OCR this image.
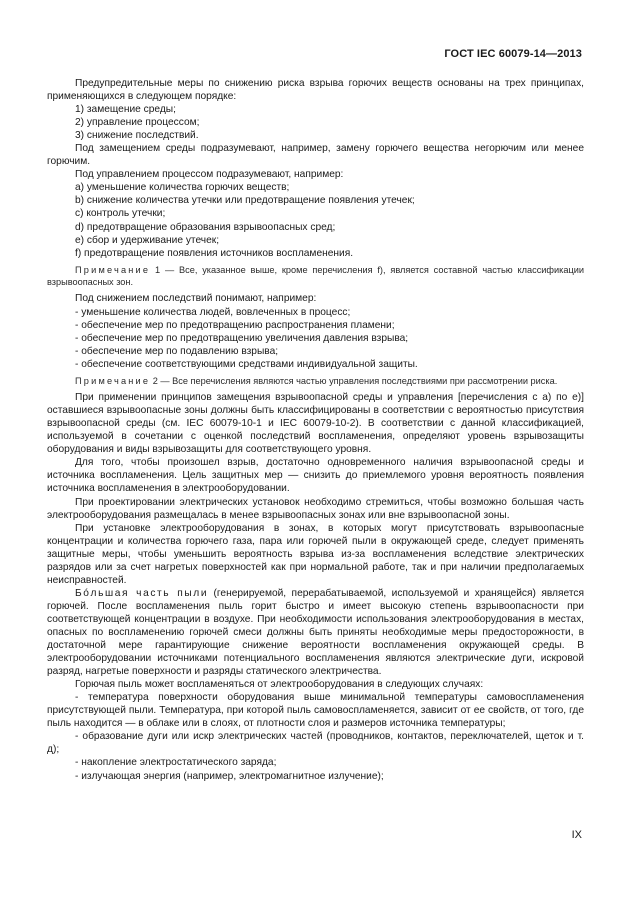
ГОСТ IEC 60079-14—2013

Предупредительные меры по снижению риска взрыва горючих веществ основаны на трех принципах, применяющихся в следующем порядке:

1) замещение среды;
2) управление процессом;
3) снижение последствий.

Под замещением среды подразумевают, например, замену горючего вещества негорючим или менее горючим.

Под управлением процессом подразумевают, например:

a) уменьшение количества горючих веществ;
b) снижение количества утечки или предотвращение появления утечек;
c) контроль утечки;
d) предотвращение образования взрывоопасных сред;
e) сбор и удерживание утечек;
f) предотвращение появления источников воспламенения.

Примечание 1 — Все, указанное выше, кроме перечисления f), является составной частью классификации взрывоопасных зон.

Под снижением последствий понимают, например:

- уменьшение количества людей, вовлеченных в процесс;
- обеспечение мер по предотвращению распространения пламени;
- обеспечение мер по предотвращению увеличения давления взрыва;
- обеспечение мер по подавлению взрыва;
- обеспечение соответствующими средствами индивидуальной защиты.

Примечание 2 — Все перечисления являются частью управления последствиями при рассмотрении риска.

При применении принципов замещения взрывоопасной среды и управления [перечисления с а) по е)] оставшиеся взрывоопасные зоны должны быть классифицированы в соответствии с вероятностью присутствия взрывоопасной среды (см. IEC 60079-10-1 и IEC 60079-10-2). В соответствии с данной классификацией, используемой в сочетании с оценкой последствий воспламенения, определяют уровень взрывозащиты оборудования и виды взрывозащиты для соответствующего уровня.

Для того, чтобы произошел взрыв, достаточно одновременного наличия взрывоопасной среды и источника воспламенения. Цель защитных мер — снизить до приемлемого уровня вероятность появления источника воспламенения в электрооборудовании.

При проектировании электрических установок необходимо стремиться, чтобы возможно большая часть электрооборудования размещалась в менее взрывоопасных зонах или вне взрывоопасной зоны.

При установке электрооборудования в зонах, в которых могут присутствовать взрывоопасные концентрации и количества горючего газа, пара или горючей пыли в окружающей среде, следует применять защитные меры, чтобы уменьшить вероятность взрыва из-за воспламенения вследствие электрических разрядов или за счет нагретых поверхностей как при нормальной работе, так и при наличии предполагаемых неисправностей.

Бóльшая часть пыли (генерируемой, перерабатываемой, используемой и хранящейся) является горючей. После воспламенения пыль горит быстро и имеет высокую степень взрывоопасности при соответствующей концентрации в воздухе. При необходимости использования электрооборудования в местах, опасных по воспламенению горючей смеси должны быть приняты необходимые меры предосторожности, в достаточной мере гарантирующие снижение вероятности воспламенения окружающей среды. В электрооборудовании источниками потенциального воспламенения являются электрические дуги, искровой разряд, нагретые поверхности и разряды статического электричества.

Горючая пыль может воспламеняться от электрооборудования в следующих случаях:

- температура поверхности оборудования выше минимальной температуры самовоспламенения присутствующей пыли. Температура, при которой пыль самовоспламеняется, зависит от ее свойств, от того, где пыль находится — в облаке или в слоях, от плотности слоя и размеров источника температуры;

- образование дуги или искр электрических частей (проводников, контактов, переключателей, щеток и т. д);

- накопление электростатического заряда;

- излучающая энергия (например, электромагнитное излучение);

IX
